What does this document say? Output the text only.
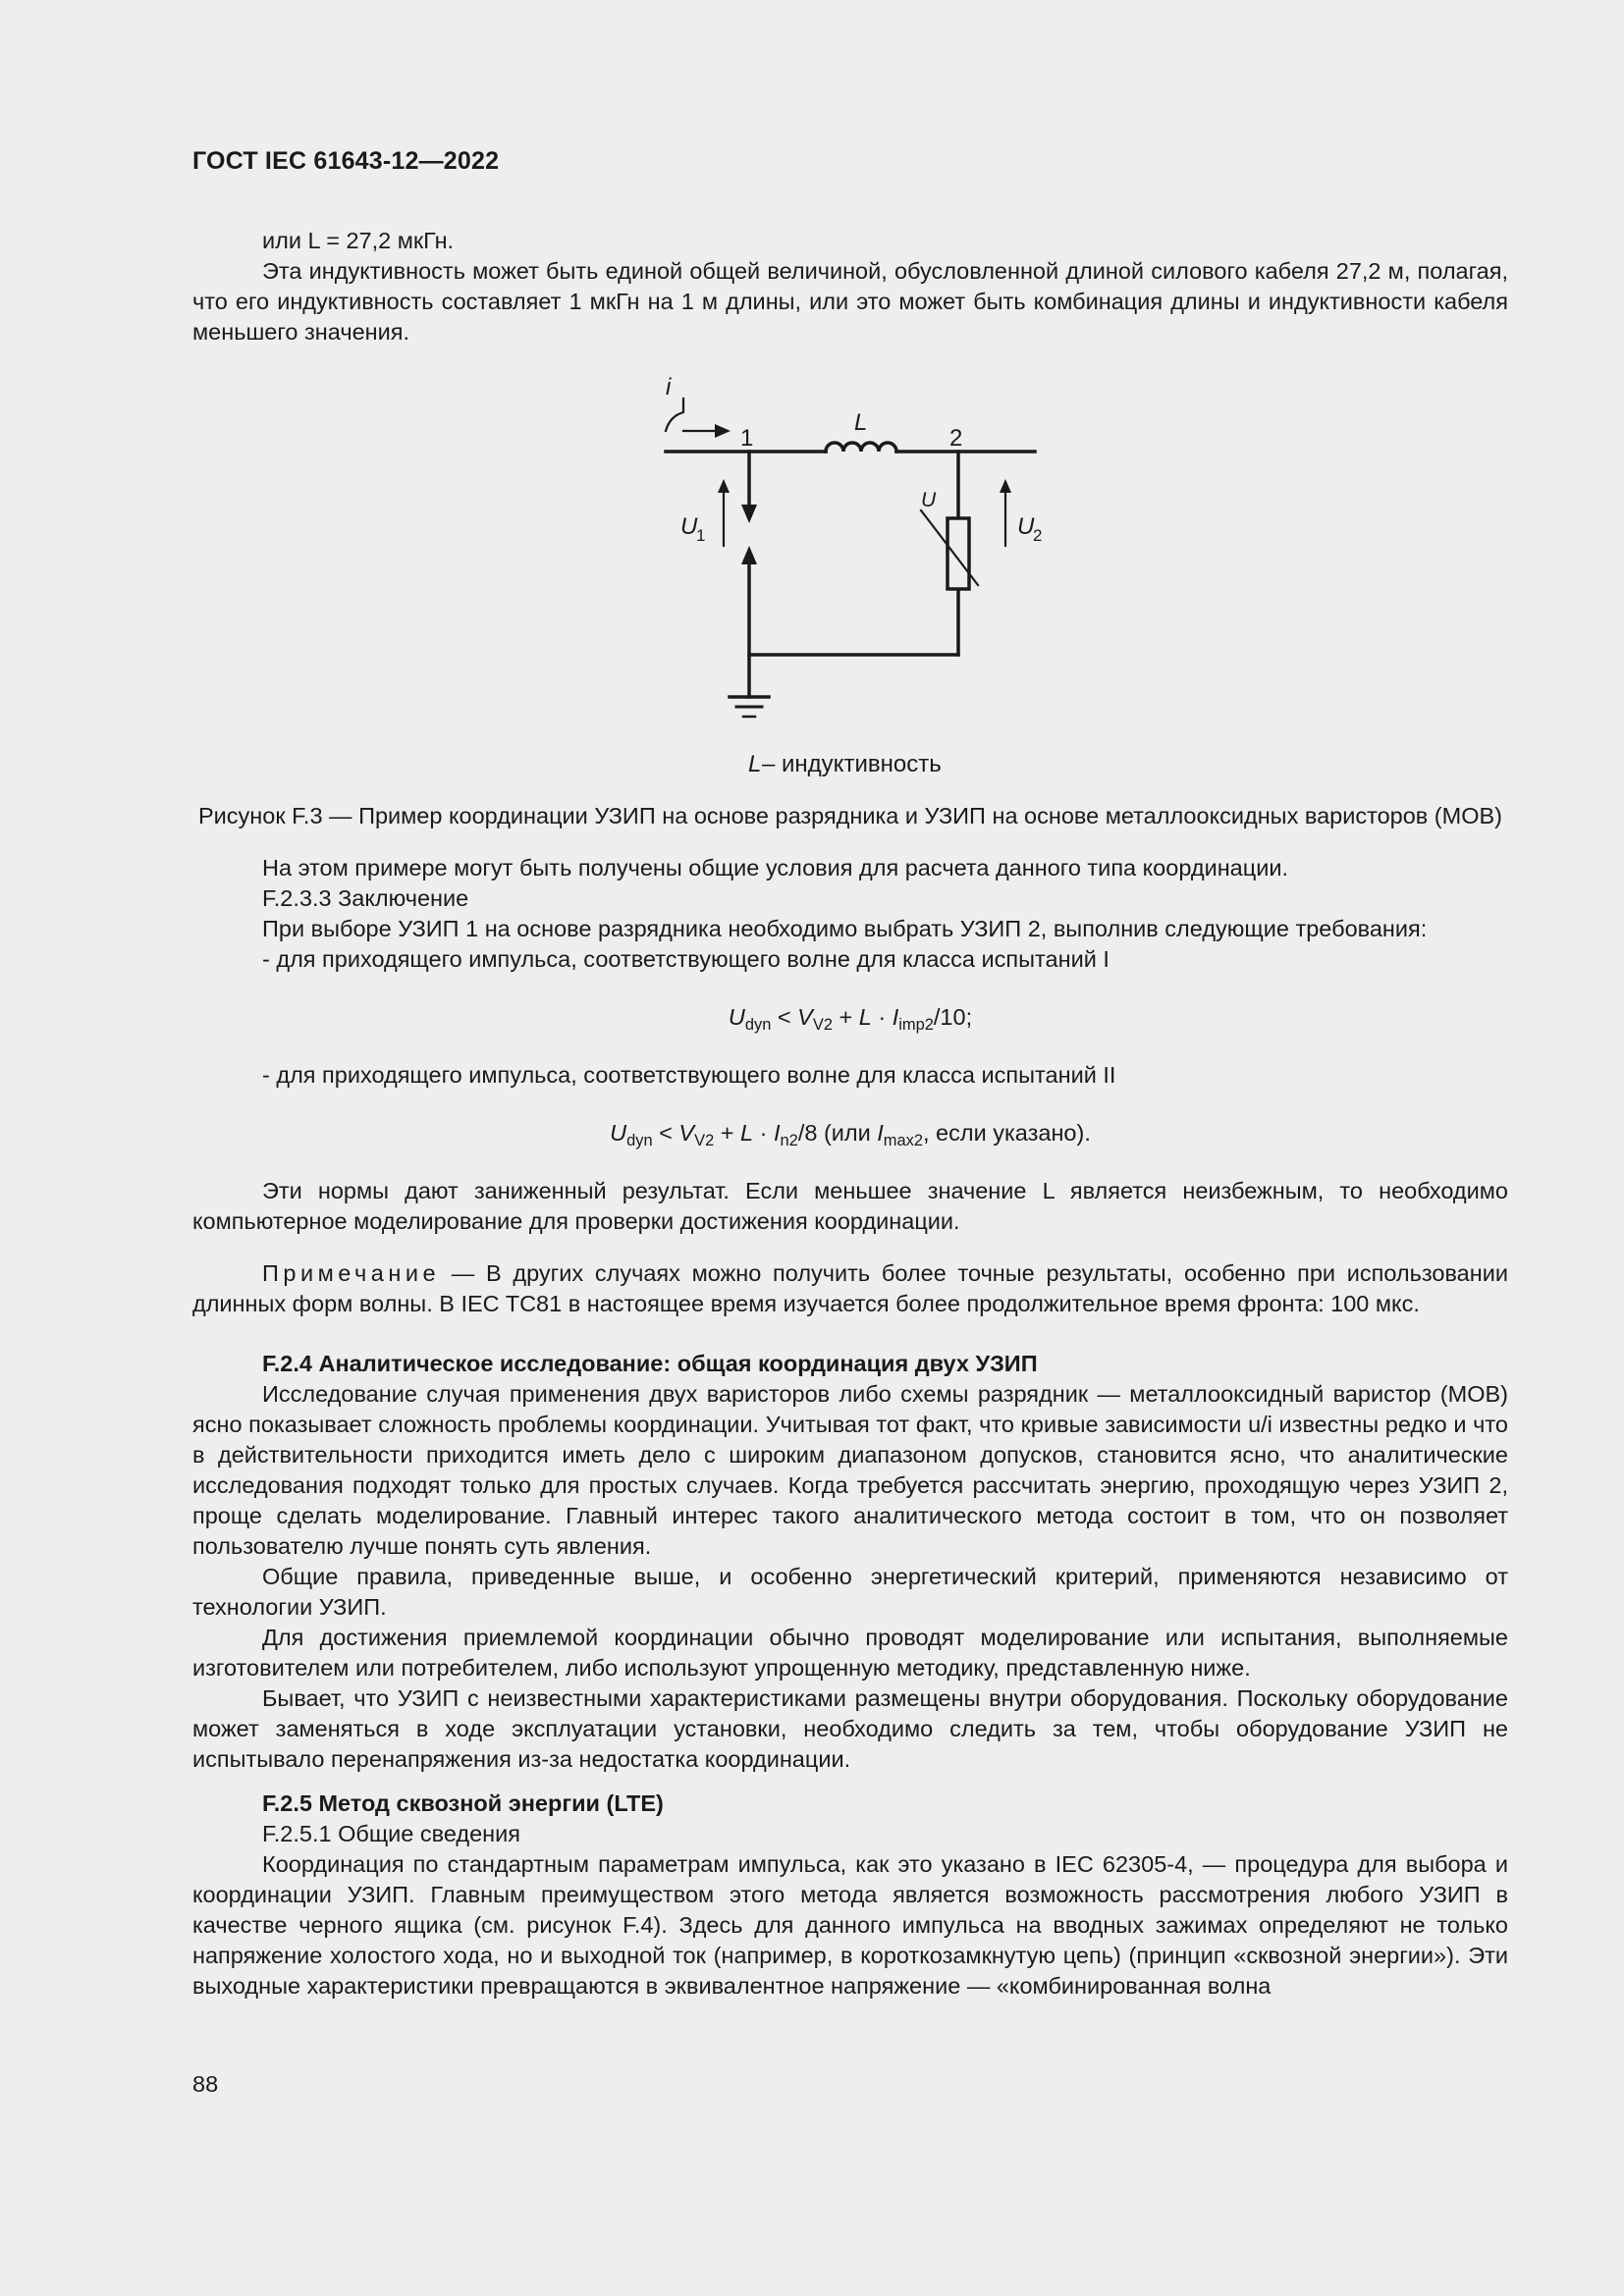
ГОСТ IEC 61643-12—2022

или L = 27,2 мкГн.

Эта индуктивность может быть единой общей величиной, обусловленной длиной силового кабеля 27,2 м, полагая, что его индуктивность составляет 1 мкГн на 1 м длины, или это может быть комбинация длины и индуктивности кабеля меньшего значения.

i
1	2
L
U
1	U
2
U
L – индуктивность

Рисунок F.3 — Пример координации УЗИП на основе разрядника и УЗИП на основе металлооксидных варисторов (МОВ)

На этом примере могут быть получены общие условия для расчета данного типа координации.

F.2.3.3 Заключение

При выборе УЗИП 1 на основе разрядника необходимо выбрать УЗИП 2, выполнив следующие требования:

- для приходящего импульса, соответствующего волне для класса испытаний I

$U_{dyn} < V_{V2} + L \cdot I_{imp2}/10$;

- для приходящего импульса, соответствующего волне для класса испытаний II

$U_{dyn} < V_{V2} + L \cdot I_{n2}/8$ (или $I_{max2}$, если указано).

Эти нормы дают заниженный результат. Если меньшее значение L является неизбежным, то необходимо компьютерное моделирование для проверки достижения координации.

Примечание — В других случаях можно получить более точные результаты, особенно при использовании длинных форм волны. В IEC TC81 в настоящее время изучается более продолжительное время фронта: 100 мкс.

F.2.4 Аналитическое исследование: общая координация двух УЗИП

Исследование случая применения двух варисторов либо схемы разрядник — металлооксидный варистор (МОВ) ясно показывает сложность проблемы координации. Учитывая тот факт, что кривые зависимости u/i известны редко и что в действительности приходится иметь дело с широким диапазоном допусков, становится ясно, что аналитические исследования подходят только для простых случаев. Когда требуется рассчитать энергию, проходящую через УЗИП 2, проще сделать моделирование. Главный интерес такого аналитического метода состоит в том, что он позволяет пользователю лучше понять суть явления.

Общие правила, приведенные выше, и особенно энергетический критерий, применяются независимо от технологии УЗИП.

Для достижения приемлемой координации обычно проводят моделирование или испытания, выполняемые изготовителем или потребителем, либо используют упрощенную методику, представленную ниже.

Бывает, что УЗИП с неизвестными характеристиками размещены внутри оборудования. Поскольку оборудование может заменяться в ходе эксплуатации установки, необходимо следить за тем, чтобы оборудование УЗИП не испытывало перенапряжения из-за недостатка координации.

F.2.5 Метод сквозной энергии (LTE)

F.2.5.1 Общие сведения

Координация по стандартным параметрам импульса, как это указано в IEC 62305-4, — процедура для выбора и координации УЗИП. Главным преимуществом этого метода является возможность рассмотрения любого УЗИП в качестве черного ящика (см. рисунок F.4). Здесь для данного импульса на вводных зажимах определяют не только напряжение холостого хода, но и выходной ток (например, в короткозамкнутую цепь) (принцип «сквозной энергии»). Эти выходные характеристики превращаются в эквивалентное напряжение — «комбинированная волна

88
